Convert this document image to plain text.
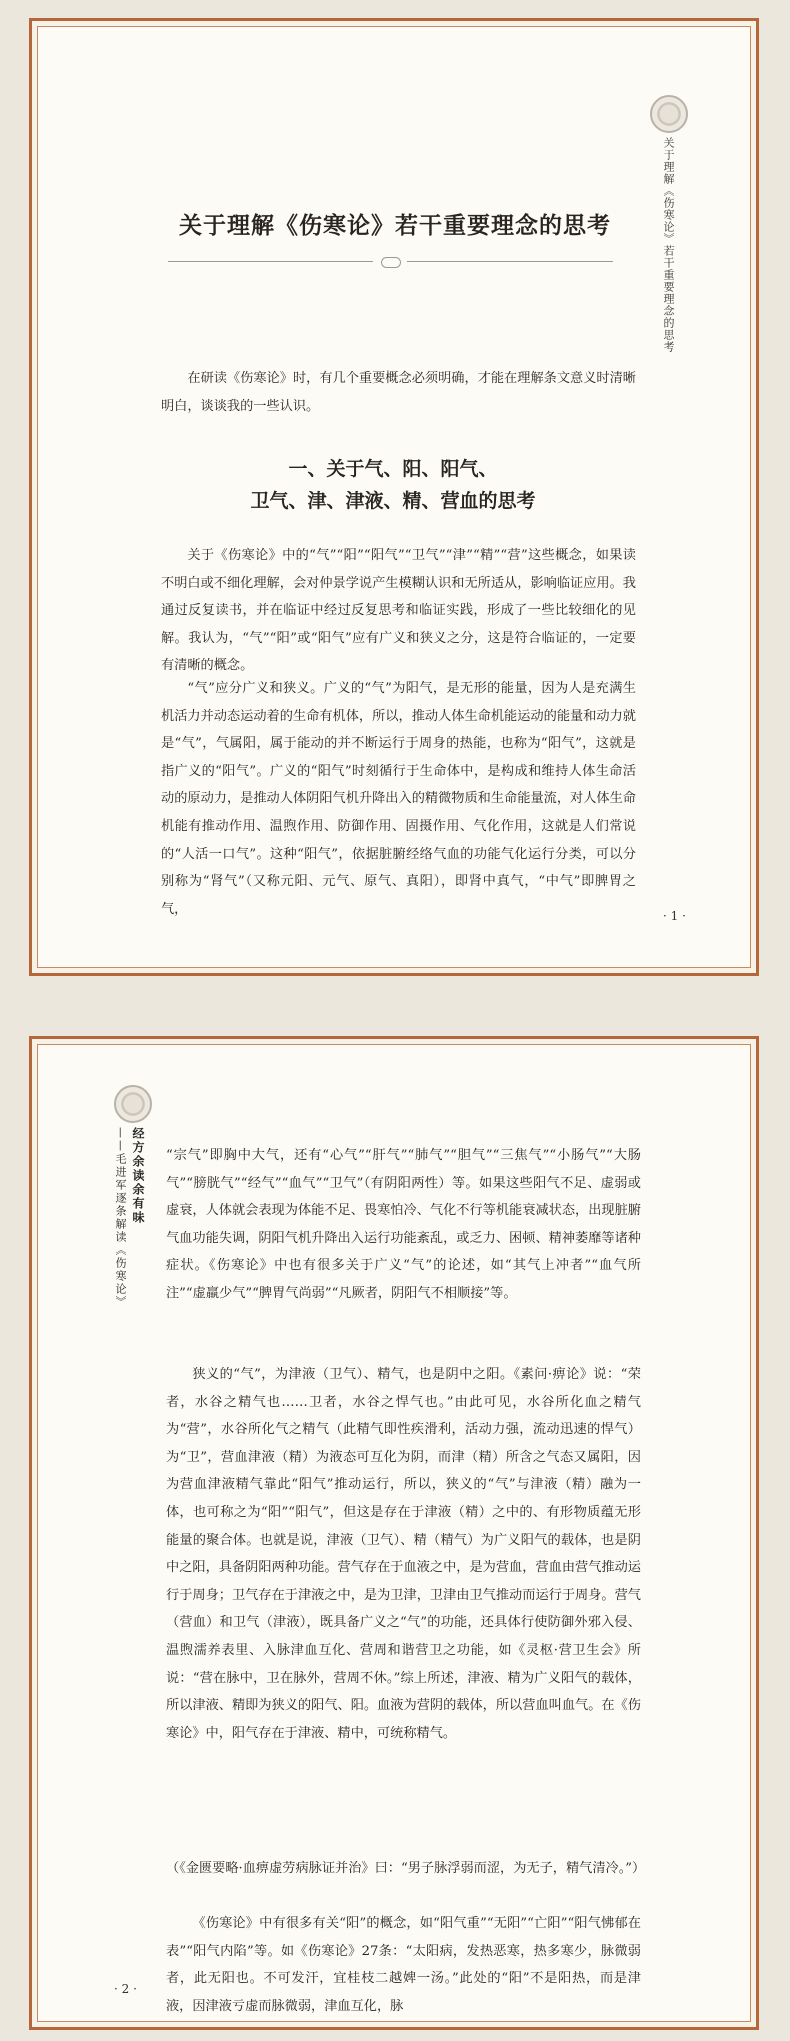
关于理解《伤寒论》若干重要理念的思考
关于理解《伤寒论》若干重要理念的思考

在研读《伤寒论》时，有几个重要概念必须明确，才能在理解条文意义时清晰明白，谈谈我的一些认识。

一、关于气、阳、阳气、
卫气、津、津液、精、营血的思考

关于《伤寒论》中的“气”“阳”“阳气”“卫气”“津”“精”“营”这些概念，如果读不明白或不细化理解，会对仲景学说产生模糊认识和无所适从，影响临证应用。我通过反复读书，并在临证中经过反复思考和临证实践，形成了一些比较细化的见解。我认为，“气”“阳”或“阳气”应有广义和狭义之分，这是符合临证的，一定要有清晰的概念。

“气”应分广义和狭义。广义的“气”为阳气，是无形的能量，因为人是充满生机活力并动态运动着的生命有机体，所以，推动人体生命机能运动的能量和动力就是“气”，气属阳，属于能动的并不断运行于周身的热能，也称为“阳气”，这就是指广义的“阳气”。广义的“阳气”时刻循行于生命体中，是构成和维持人体生命活动的原动力，是推动人体阴阳气机升降出入的精微物质和生命能量流，对人体生命机能有推动作用、温煦作用、防御作用、固摄作用、气化作用，这就是人们常说的“人活一口气”。这种“阳气”，依据脏腑经络气血的功能气化运行分类，可以分别称为“肾气”（又称元阳、元气、原气、真阳），即肾中真气，“中气”即脾胃之气，	· 1 ·
经方余读余有味
——毛进军逐条解读《伤寒论》	“宗气”即胸中大气，还有“心气”“肝气”“肺气”“胆气”“三焦气”“小肠气”“大肠气”“膀胱气”“经气”“血气”“卫气”（有阴阳两性）等。如果这些阳气不足、虚弱或虚衰，人体就会表现为体能不足、畏寒怕冷、气化不行等机能衰减状态，出现脏腑气血功能失调，阴阳气机升降出入运行功能紊乱，或乏力、困顿、精神萎靡等诸种症状。《伤寒论》中也有很多关于广义“气”的论述，如“其气上冲者”“血气所注”“虚羸少气”“脾胃气尚弱”“凡厥者，阴阳气不相顺接”等。

狭义的“气”，为津液（卫气）、精气，也是阴中之阳。《素问·痹论》说：“荣者，水谷之精气也……卫者，水谷之悍气也。”由此可见，水谷所化血之精气为“营”，水谷所化气之精气（此精气即性疾滑利，活动力强，流动迅速的悍气）为“卫”，营血津液（精）为液态可互化为阴，而津（精）所含之气态又属阳，因为营血津液精气靠此“阳气”推动运行，所以，狭义的“气”与津液（精）融为一体，也可称之为“阳”“阳气”，但这是存在于津液（精）之中的、有形物质蕴无形能量的聚合体。也就是说，津液（卫气）、精（精气）为广义阳气的载体，也是阴中之阳，具备阴阳两种功能。营气存在于血液之中，是为营血，营血由营气推动运行于周身；卫气存在于津液之中，是为卫津，卫津由卫气推动而运行于周身。营气（营血）和卫气（津液），既具备广义之“气”的功能，还具体行使防御外邪入侵、温煦濡养表里、入脉津血互化、营周和谐营卫之功能，如《灵枢·营卫生会》所说：“营在脉中，卫在脉外，营周不休。”综上所述，津液、精为广义阳气的载体，所以津液、精即为狭义的阳气、阳。血液为营阴的载体，所以营血叫血气。在《伤寒论》中，阳气存在于津液、精中，可统称精气。

（《金匮要略·血痹虚劳病脉证并治》曰：“男子脉浮弱而涩，为无子，精气清冷。”）

《伤寒论》中有很多有关“阳”的概念，如“阳气重”“无阳”“亡阳”“阳气怫郁在表”“阳气内陷”等。如《伤寒论》27条：“太阳病，发热恶寒，热多寒少，脉微弱者，此无阳也。不可发汗，宜桂枝二越婢一汤。”此处的“阳”不是阳热，而是津液，因津液亏虚而脉微弱，津血互化，脉

· 2 ·
